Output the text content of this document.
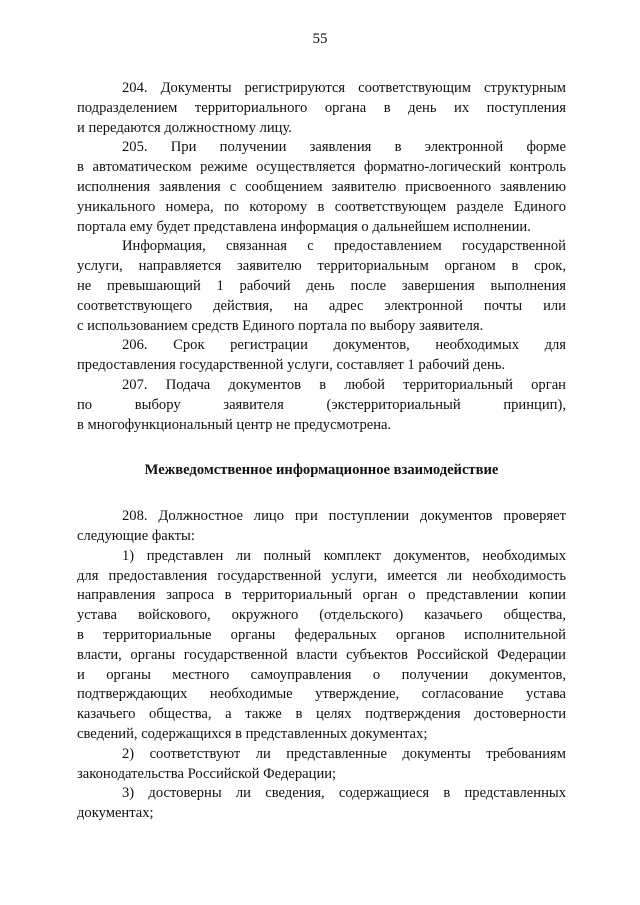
55
204. Документы регистрируются соответствующим структурным
подразделением территориального органа в день их поступления
и передаются должностному лицу.
205. При получении заявления в электронной форме
в автоматическом режиме осуществляется форматно-логический контроль
исполнения заявления с сообщением заявителю присвоенного заявлению
уникального номера, по которому в соответствующем разделе Единого
портала ему будет представлена информация о дальнейшем исполнении.
Информация, связанная с предоставлением государственной
услуги, направляется заявителю территориальным органом в срок,
не превышающий 1 рабочий день после завершения выполнения
соответствующего действия, на адрес электронной почты или
с использованием средств Единого портала по выбору заявителя.
206. Срок регистрации документов, необходимых для
предоставления государственной услуги, составляет 1 рабочий день.
207. Подача документов в любой территориальный орган
по выбору заявителя (экстерриториальный принцип),
в многофункциональный центр не предусмотрена.
Межведомственное информационное взаимодействие
208. Должностное лицо при поступлении документов проверяет
следующие факты:
1) представлен ли полный комплект документов, необходимых
для предоставления государственной услуги, имеется ли необходимость
направления запроса в территориальный орган о представлении копии
устава войскового, окружного (отдельского) казачьего общества,
в территориальные органы федеральных органов исполнительной
власти, органы государственной власти субъектов Российской Федерации
и органы местного самоуправления о получении документов,
подтверждающих необходимые утверждение, согласование устава
казачьего общества, а также в целях подтверждения достоверности
сведений, содержащихся в представленных документах;
2) соответствуют ли представленные документы требованиям
законодательства Российской Федерации;
3) достоверны ли сведения, содержащиеся в представленных
документах;
